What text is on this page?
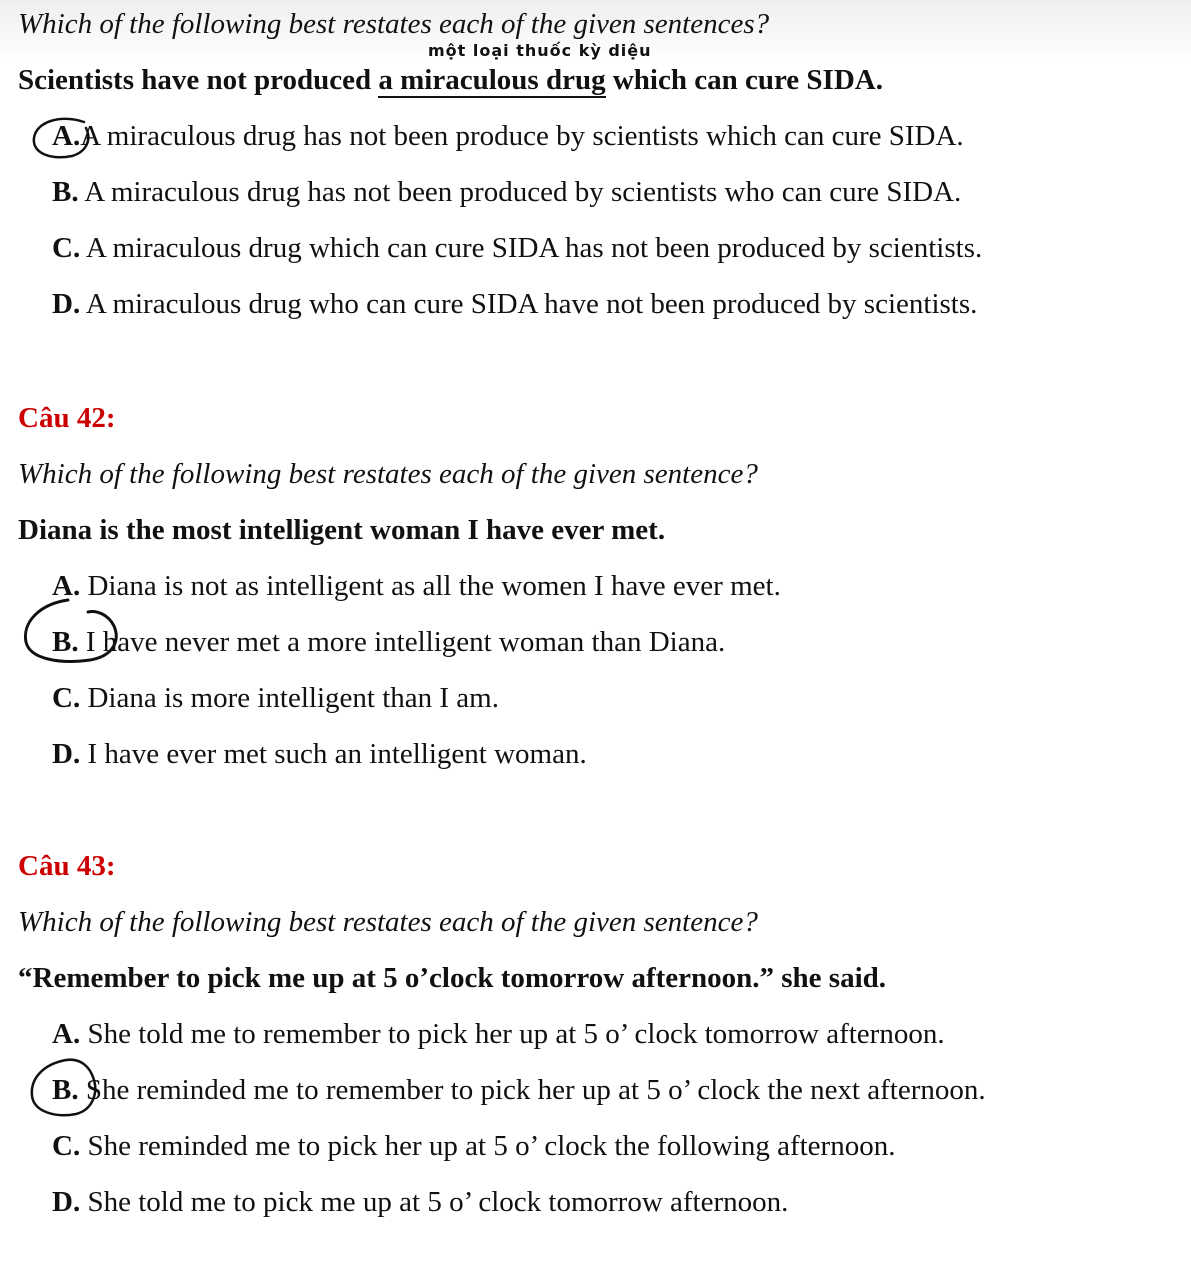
Which of the following best restates each of the given sentences?
một loại thuốc kỳ diệu
Scientists have not produced a miraculous drug which can cure SIDA.
A.A miraculous drug has not been produce by scientists which can cure SIDA.
B. A miraculous drug has not been produced by scientists who can cure SIDA.
C. A miraculous drug which can cure SIDA has not been produced by scientists.
D. A miraculous drug who can cure SIDA have not been produced by scientists.
Câu 42:
Which of the following best restates each of the given sentence?
Diana is the most intelligent woman I have ever met.
A. Diana is not as intelligent as all the women I have ever met.
B. I have never met a more intelligent woman than Diana.
C. Diana is more intelligent than I am.
D. I have ever met such an intelligent woman.
Câu 43:
Which of the following best restates each of the given sentence?
“Remember to pick me up at 5 o’clock tomorrow afternoon.” she said.
A. She told me to remember to pick her up at 5 o’ clock tomorrow afternoon.
B. She reminded me to remember to pick her up at 5 o’ clock the next afternoon.
C. She reminded me to pick her up at 5 o’ clock the following afternoon.
D. She told me to pick me up at 5 o’ clock tomorrow afternoon.
